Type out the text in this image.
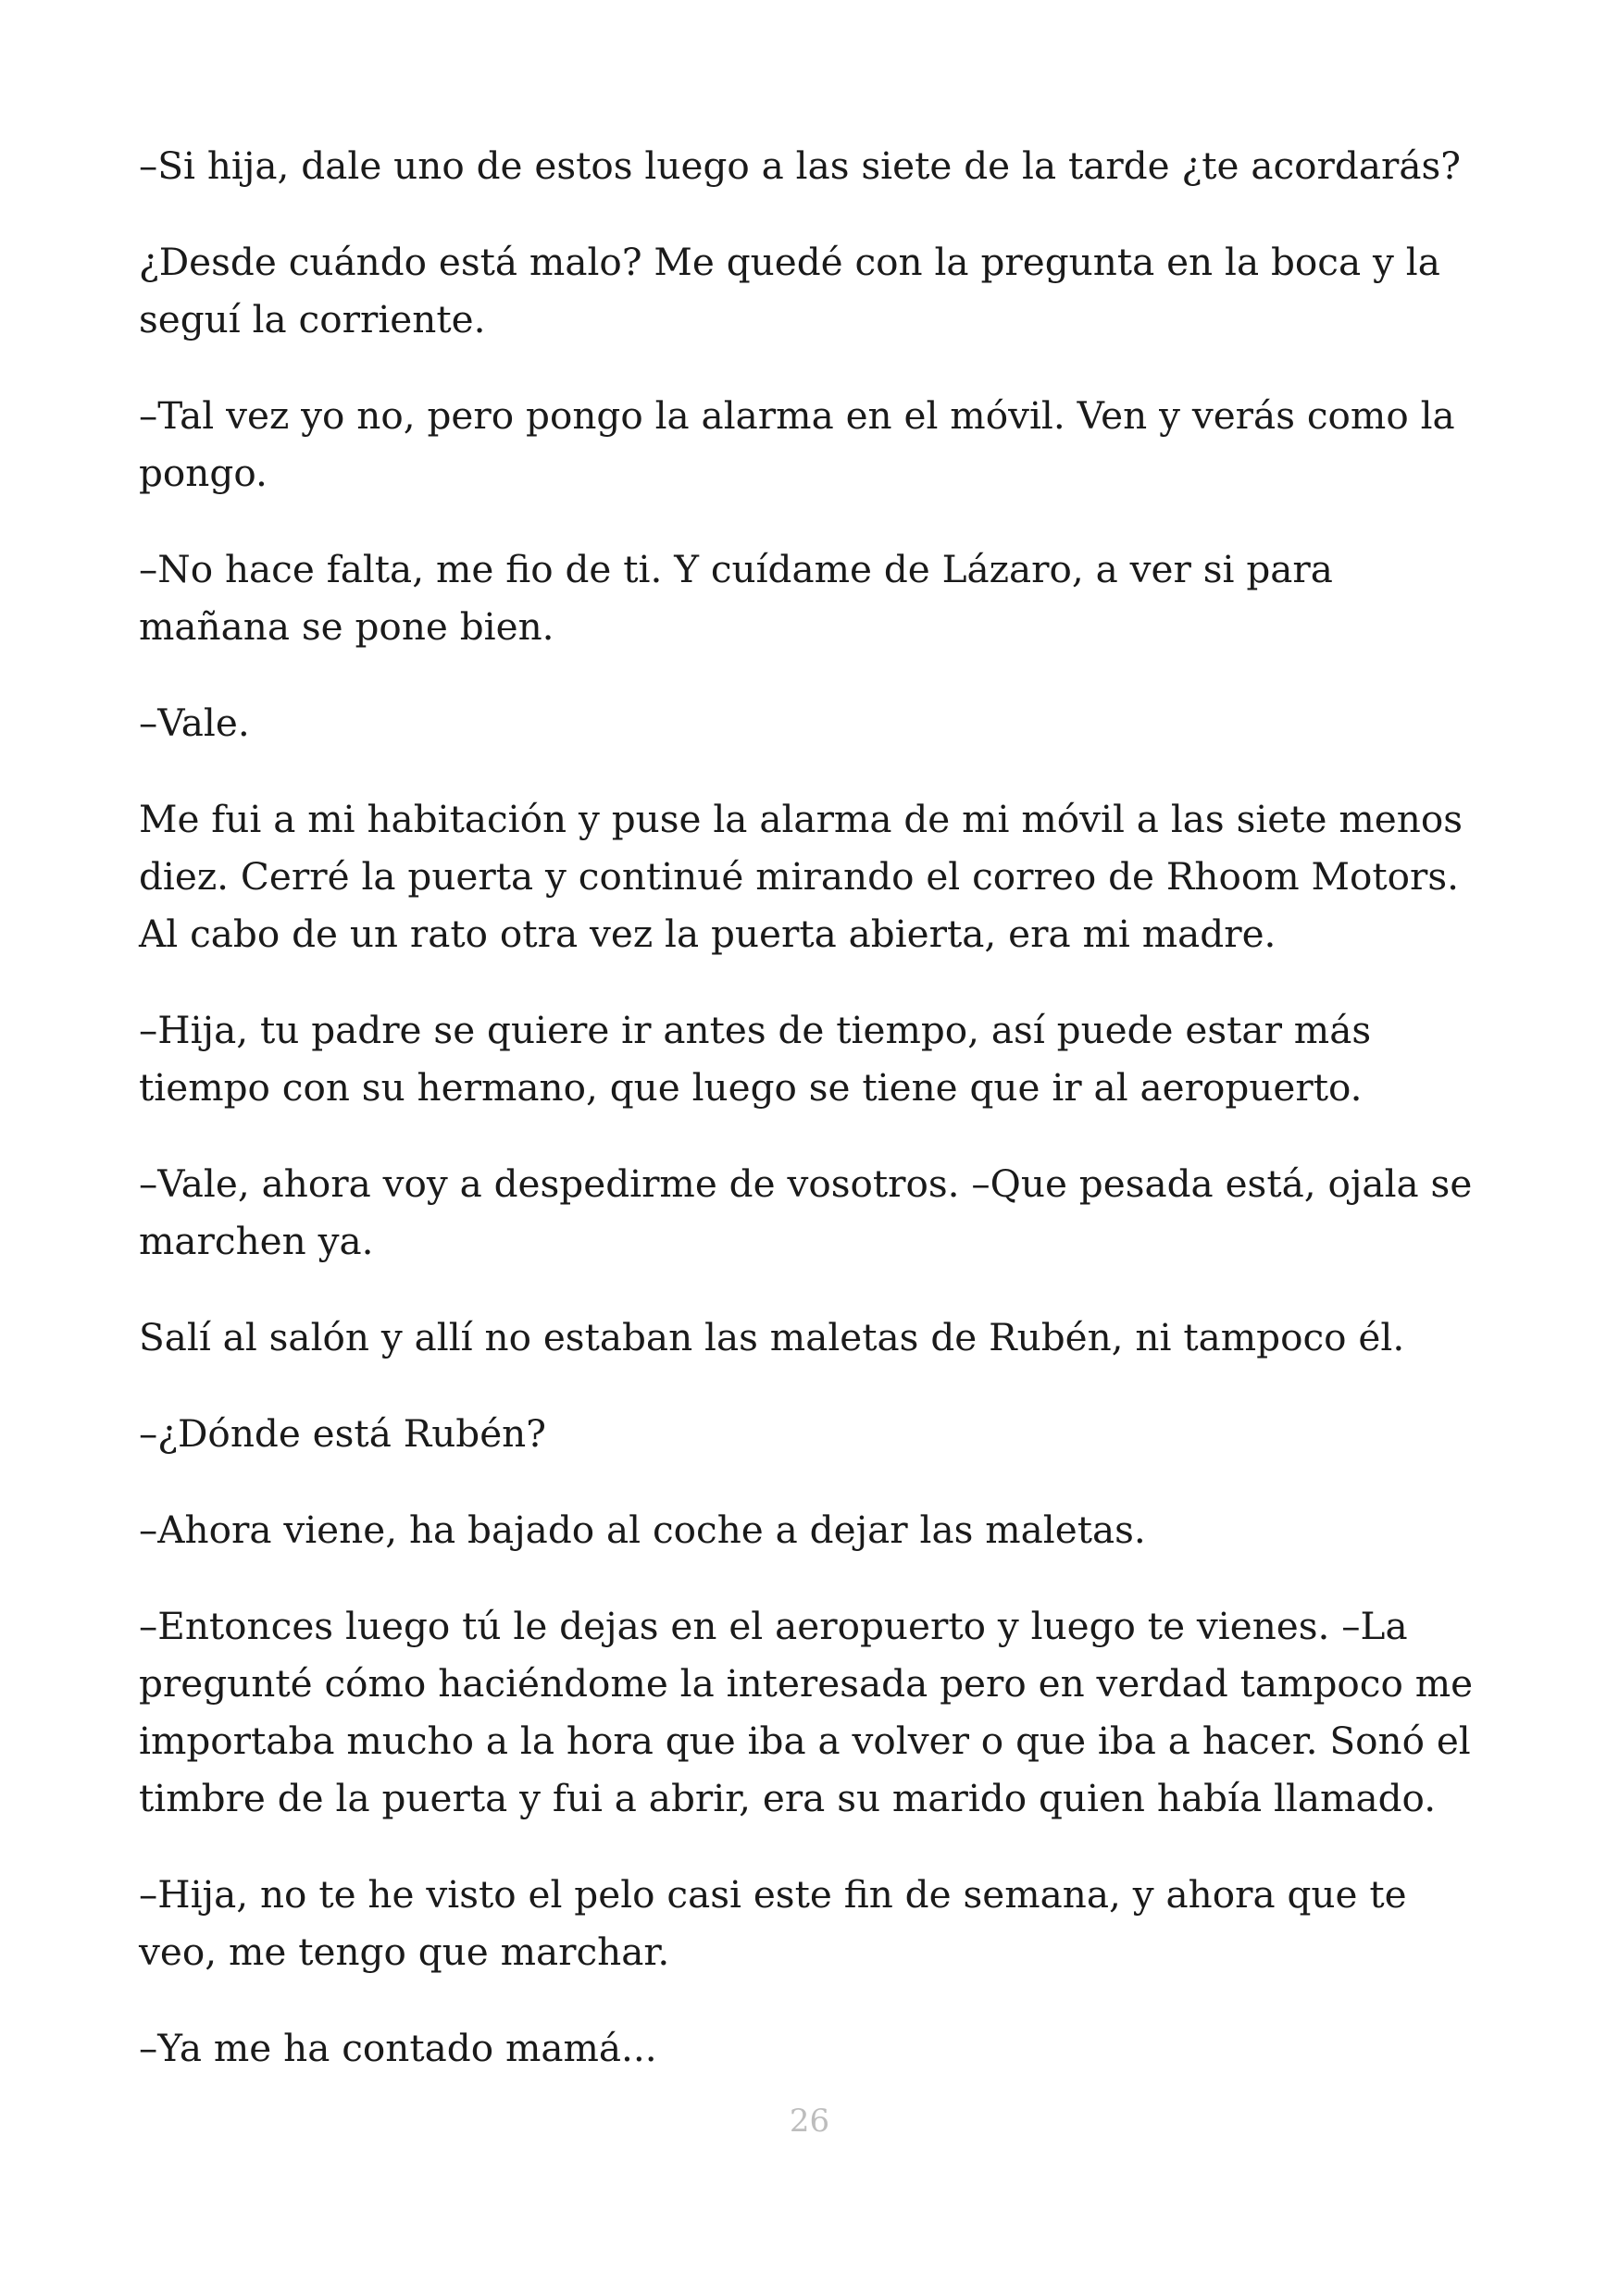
–Si hija, dale uno de estos luego a las siete de la tarde ¿te acordarás?

¿Desde cuándo está malo? Me quedé con la pregunta en la boca y la seguí la corriente.

–Tal vez yo no, pero pongo la alarma en el móvil. Ven y verás como la pongo.

–No hace falta, me fio de ti. Y cuídame de Lázaro, a ver si para mañana se pone bien.

–Vale.

Me fui a mi habitación y puse la alarma de mi móvil a las siete menos diez. Cerré la puerta y continué mirando el correo de Rhoom Motors. Al cabo de un rato otra vez la puerta abierta, era mi madre.

–Hija, tu padre se quiere ir antes de tiempo, así puede estar más tiempo con su hermano, que luego se tiene que ir al aeropuerto.

–Vale, ahora voy a despedirme de vosotros. –Que pesada está, ojala se marchen ya.

Salí al salón y allí no estaban las maletas de Rubén, ni tampoco él.

–¿Dónde está Rubén?

–Ahora viene, ha bajado al coche a dejar las maletas.

–Entonces luego tú le dejas en el aeropuerto y luego te vienes. –La pregunté cómo haciéndome la interesada pero en verdad tampoco me importaba mucho a la hora que iba a volver o que iba a hacer. Sonó el timbre de la puerta y fui a abrir, era su marido quien había llamado.

–Hija, no te he visto el pelo casi este fin de semana, y ahora que te veo, me tengo que marchar.

–Ya me ha contado mamá...

26
